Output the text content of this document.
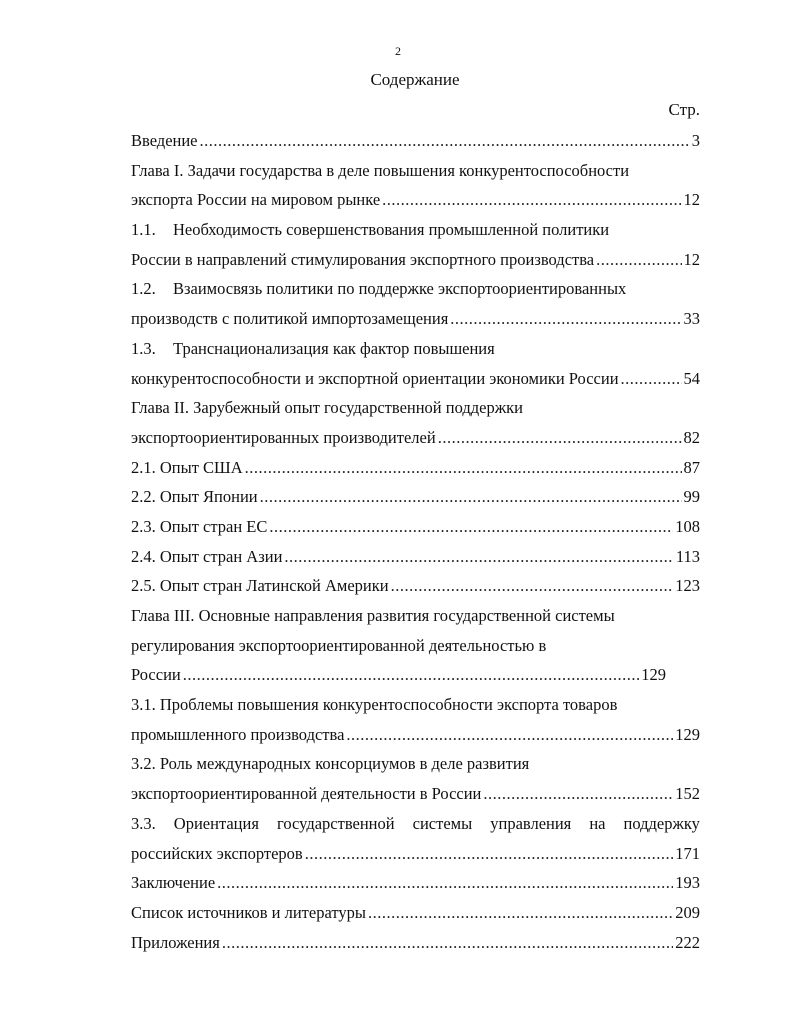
2
Содержание
Стр.
Введение .....	3
Глава I. Задачи государства в деле повышения конкурентоспособности
экспорта России на мировом рынке .....	12
1.1.	Необходимость совершенствования промышленной политики
России в направлений стимулирования экспортного производства .....	12
1.2.	Взаимосвязь политики по поддержке экспортоориентированных
производств с политикой импортозамещения .....	33
1.3.	Транснационализация как фактор повышения
конкурентоспособности и экспортной ориентации экономики России .....	54
Глава II. Зарубежный опыт государственной поддержки
экспортоориентированных производителей .....	82
2.1. Опыт США .....	87
2.2. Опыт Японии .....	99
2.3. Опыт стран ЕС .....	108
2.4. Опыт стран Азии .....	113
2.5. Опыт стран Латинской Америки .....	123
Глава III. Основные направления развития государственной системы
регулирования экспортоориентированной деятельностью в
России .....	129
3.1. Проблемы повышения конкурентоспособности экспорта товаров
промышленного производства .....	129
3.2. Роль международных консорциумов в деле развития
экспортоориентированной деятельности в России .....	152
3.3. Ориентация государственной системы управления на поддержку
российских экспортеров .....	171
Заключение .....	193
Список источников и литературы .....	209
Приложения .....	222
